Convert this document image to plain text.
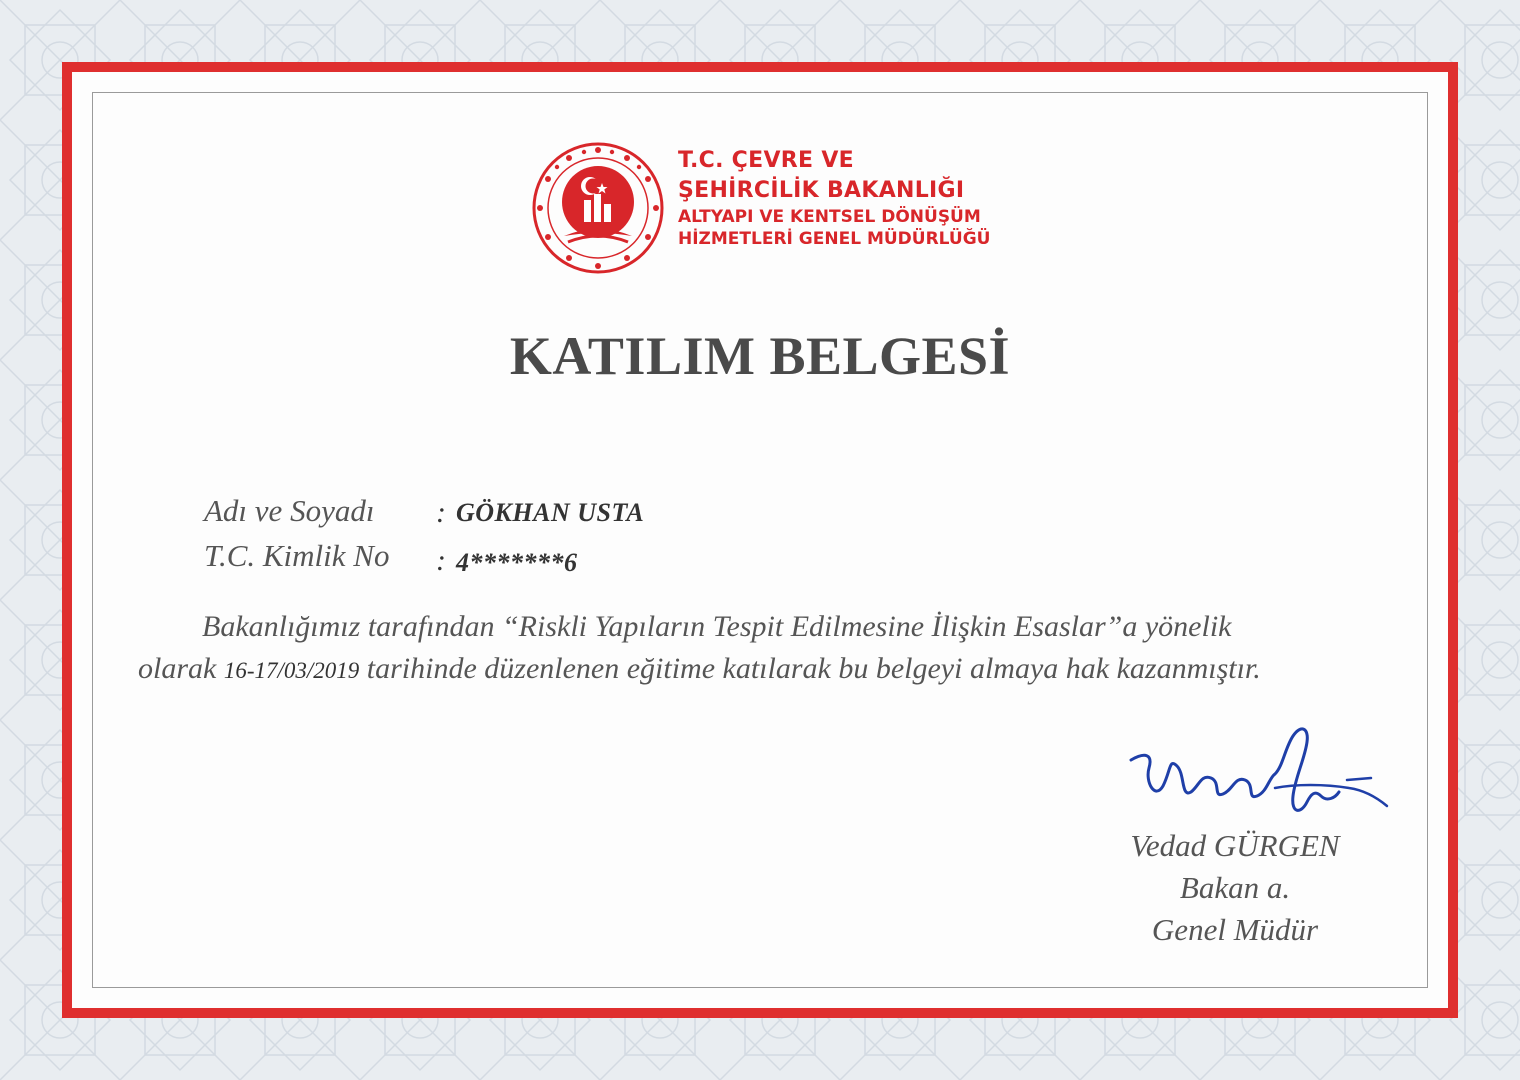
T.C. ÇEVRE VE
ŞEHİRCİLİK BAKANLIĞI
ALTYAPI VE KENTSEL DÖNÜŞÜM
HİZMETLERİ GENEL MÜDÜRLÜĞÜ
KATILIM BELGESİ
Adı ve Soyadı : GÖKHAN USTA
T.C. Kimlik No : 4*******6
Bakanlığımız tarafından “Riskli Yapıların Tespit Edilmesine İlişkin Esaslar”a yönelik
olarak 16-17/03/2019 tarihinde düzenlenen eğitime katılarak bu belgeyi almaya hak kazanmıştır.
Vedad GÜRGEN
Bakan a.
Genel Müdür
